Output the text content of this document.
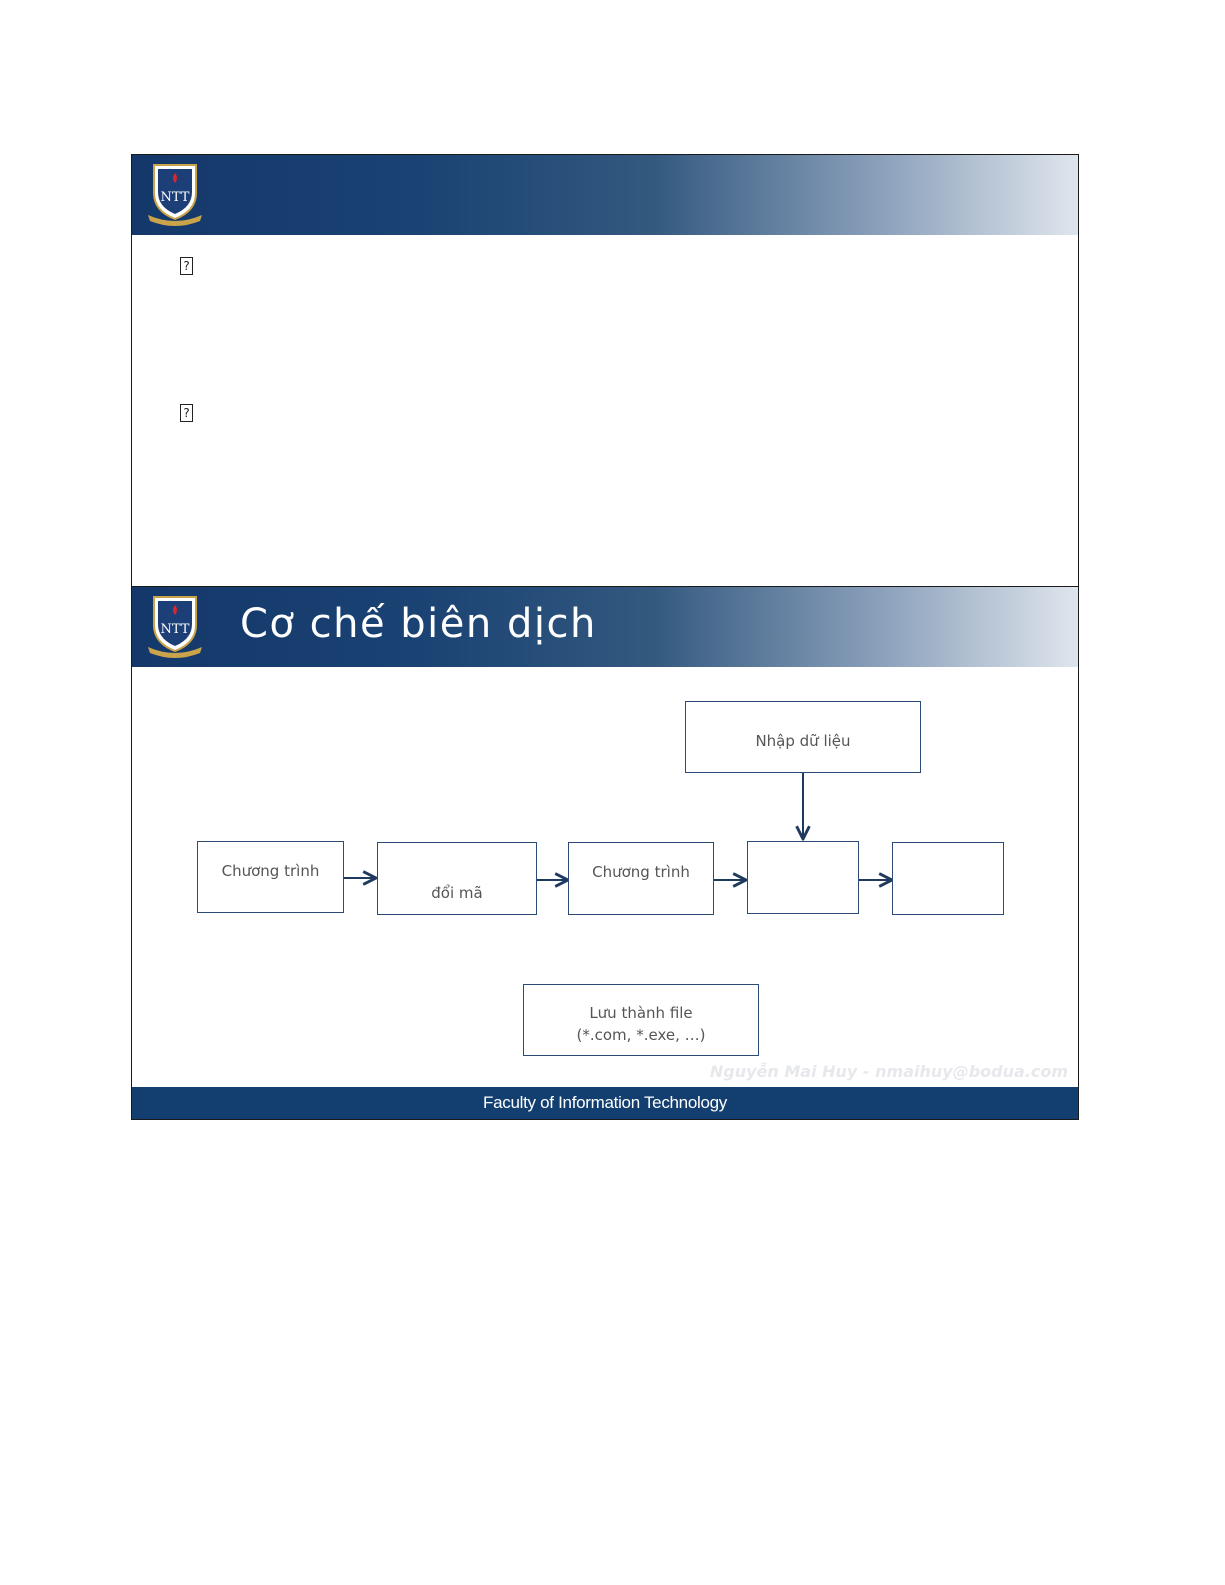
NTT
?
?
NTT Cơ chế biên dịch
Nhập dữ liệu
Chương trình
đổi mã
Chương trình
Lưu thành file
(*.com, *.exe, …)
Nguyễn Mai Huy - nmaihuy@bodua.com
Faculty of Information Technology
